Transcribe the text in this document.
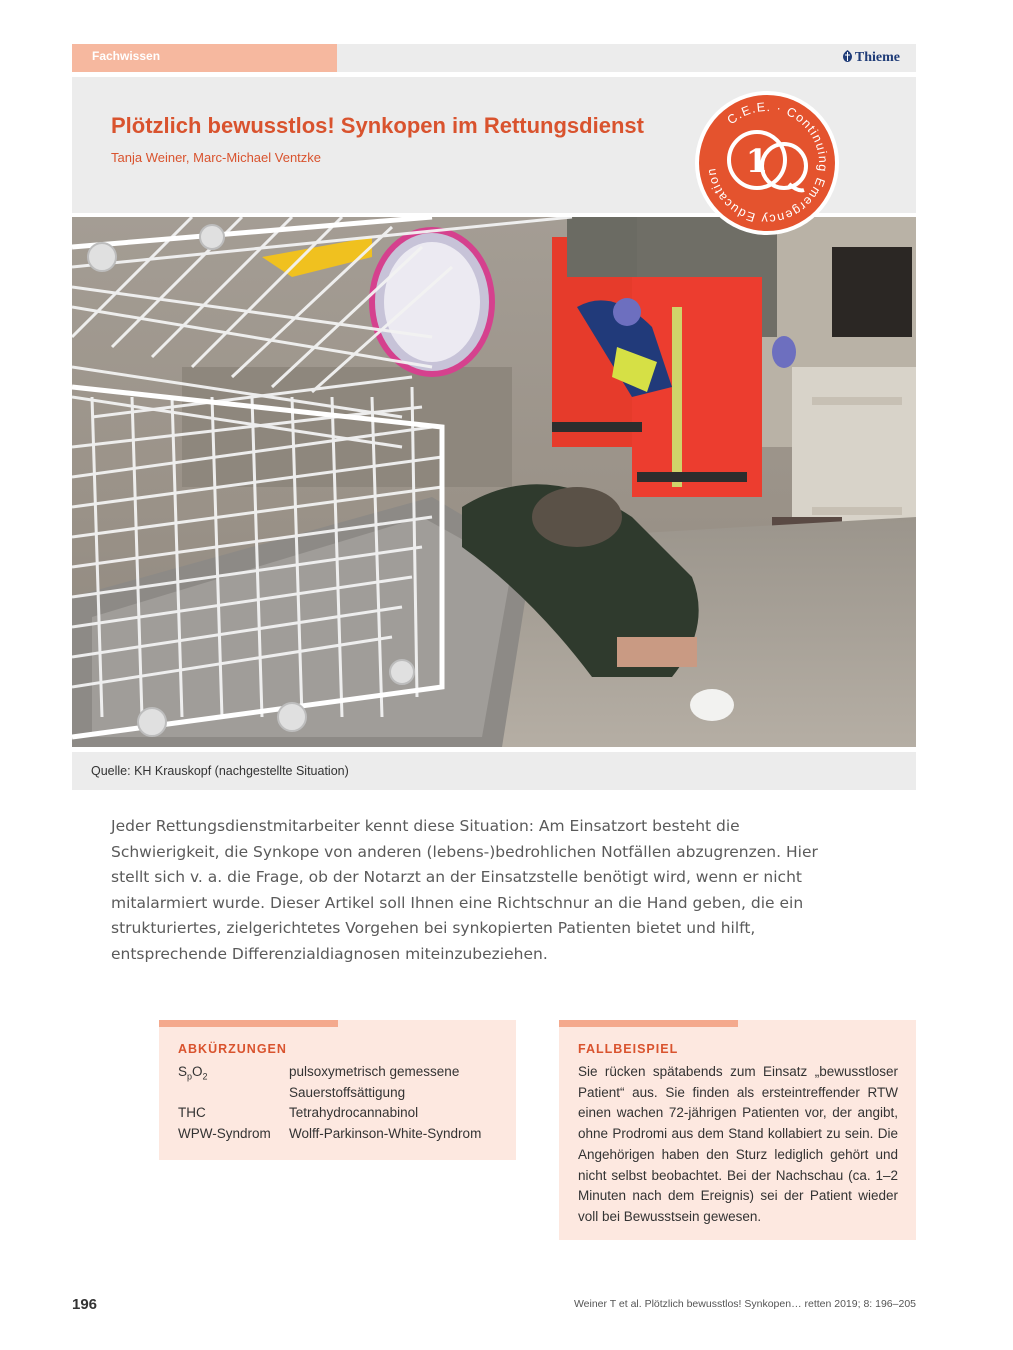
Fachwissen	Thieme
Plötzlich bewusstlos! Synkopen im Rettungsdienst
Tanja Weiner, Marc-Michael Ventzke
C.E.E. · Continuing Emergency Education 1
Quelle: KH Krauskopf (nachgestellte Situation)

Jeder Rettungsdienstmitarbeiter kennt diese Situation: Am Einsatzort besteht die Schwierigkeit, die Synkope von anderen (lebens-)bedrohlichen Notfällen abzugrenzen. Hier stellt sich v. a. die Frage, ob der Notarzt an der Einsatzstelle benötigt wird, wenn er nicht mitalarmiert wurde. Dieser Artikel soll Ihnen eine Richtschnur an die Hand geben, die ein strukturiertes, zielgerichtetes Vorgehen bei synkopierten Patienten bietet und hilft, entsprechende Differenzialdiagnosen miteinzubeziehen.

ABKÜRZUNGEN
$S_pO_2$	pulsoxymetrisch gemessene Sauerstoffsättigung
THC	Tetrahydrocannabinol
WPW-Syndrom	Wolff-Parkinson-White-Syndrom
FALLBEISPIEL

Sie rücken spätabends zum Einsatz „bewusstloser Patient“ aus. Sie finden als ersteintreffender RTW einen wachen 72-jährigen Patienten vor, der angibt, ohne Prodromi aus dem Stand kollabiert zu sein. Die Angehörigen haben den Sturz lediglich gehört und nicht selbst beobachtet. Bei der Nachschau (ca. 1–2 Minuten nach dem Ereignis) sei der Patient wieder voll bei Bewusstsein gewesen.

196	Weiner T et al. Plötzlich bewusstlos! Synkopen… retten 2019; 8: 196–205
